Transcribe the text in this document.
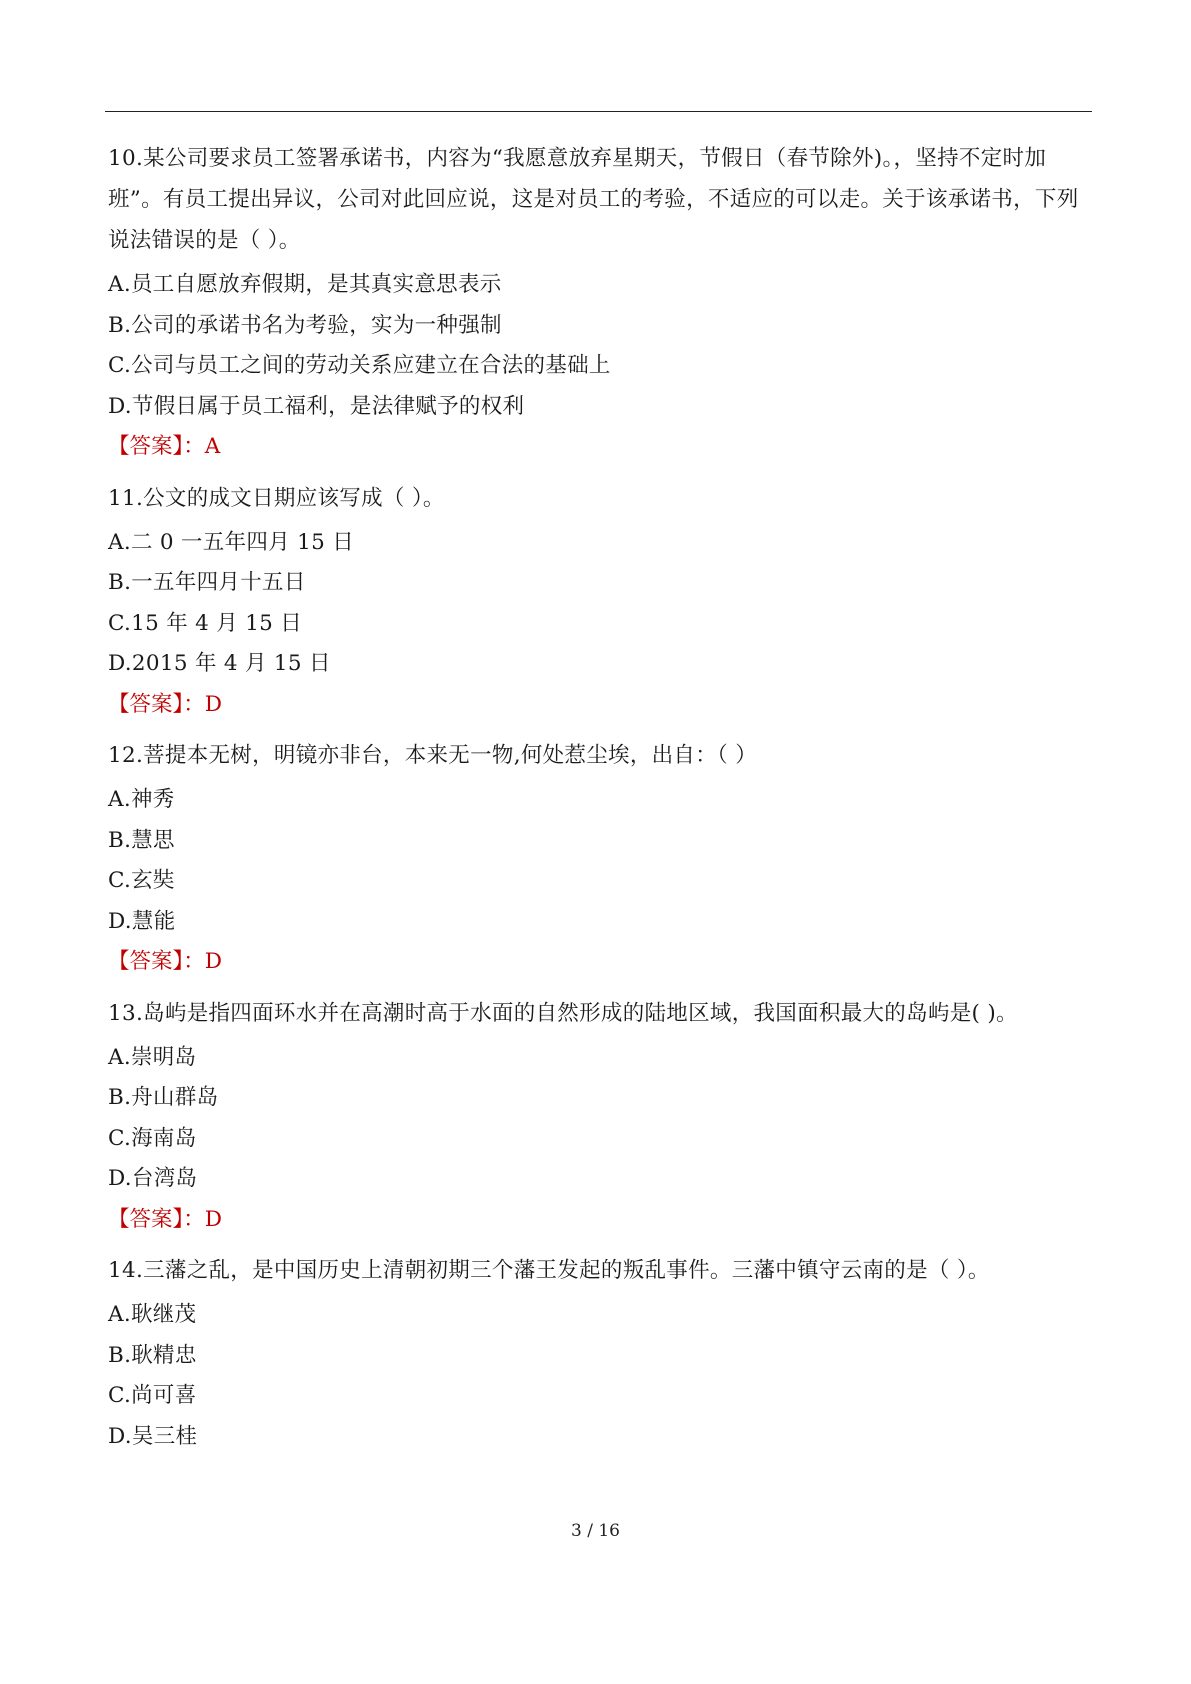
10.某公司要求员工签署承诺书，内容为“我愿意放弃星期天，节假日（春节除外)。，坚持不定时加班”。有员工提出异议，公司对此回应说，这是对员工的考验，不适应的可以走。关于该承诺书，下列说法错误的是（ ）。

A.员工自愿放弃假期，是其真实意思表示
B.公司的承诺书名为考验，实为一种强制
C.公司与员工之间的劳动关系应建立在合法的基础上
D.节假日属于员工福利，是法律赋予的权利

【答案】：A

11.公文的成文日期应该写成（ ）。

A.二 0 一五年四月 15 日
B.一五年四月十五日
C.15 年 4 月 15 日
D.2015 年 4 月 15 日

【答案】：D

12.菩提本无树，明镜亦非台，本来无一物,何处惹尘埃，出自：（ ）

A.神秀
B.慧思
C.玄奘
D.慧能

【答案】：D

13.岛屿是指四面环水并在高潮时高于水面的自然形成的陆地区域，我国面积最大的岛屿是( )。

A.崇明岛
B.舟山群岛
C.海南岛
D.台湾岛

【答案】：D

14.三藩之乱，是中国历史上清朝初期三个藩王发起的叛乱事件。三藩中镇守云南的是（ ）。

A.耿继茂
B.耿精忠
C.尚可喜
D.吴三桂
3 / 16
